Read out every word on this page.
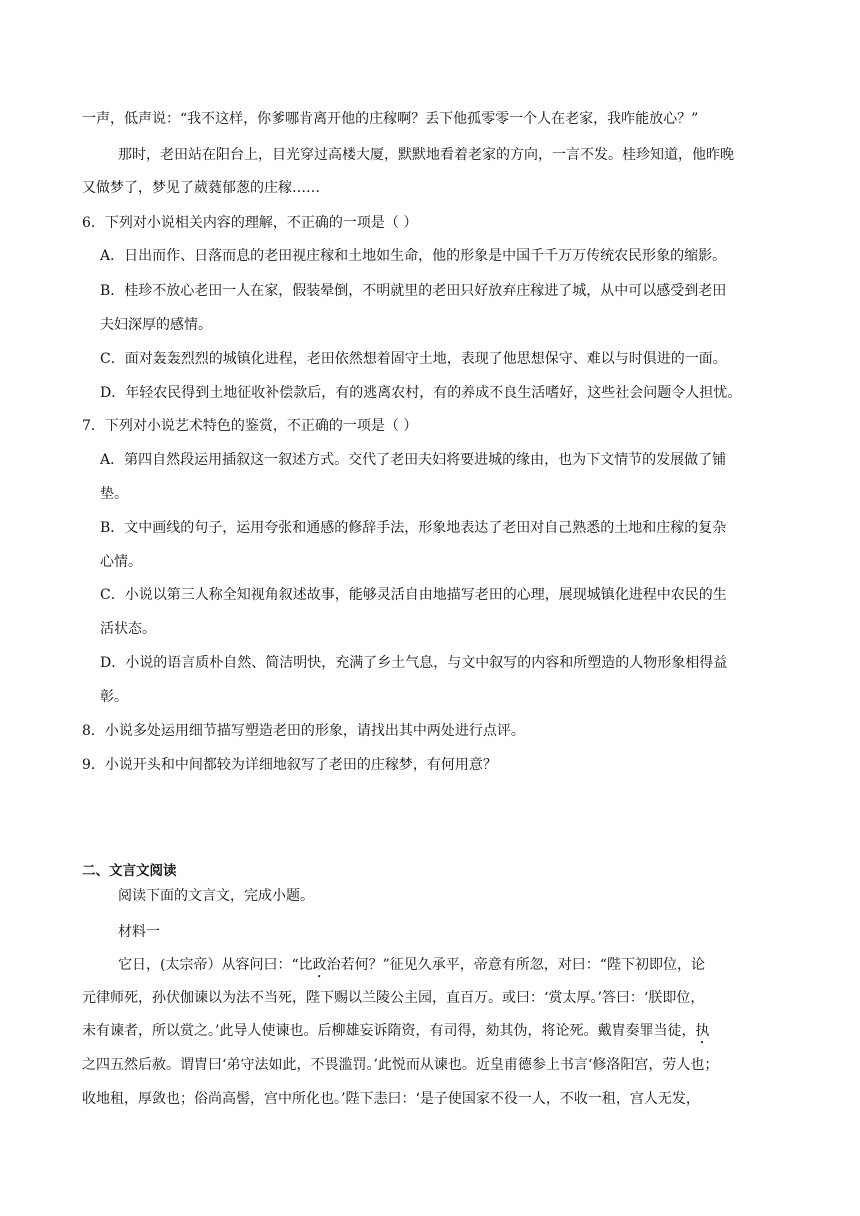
一声，低声说：“我不这样，你爹哪肯离开他的庄稼啊？丢下他孤零零一个人在老家，我咋能放心？”
那时，老田站在阳台上，目光穿过高楼大厦，默默地看着老家的方向，一言不发。桂珍知道，他昨晚
又做梦了，梦见了葳蕤郁葱的庄稼……
6．下列对小说相关内容的理解，不正确的一项是（ ）
A．日出而作、日落而息的老田视庄稼和土地如生命，他的形象是中国千千万万传统农民形象的缩影。
B．桂珍不放心老田一人在家，假装晕倒，不明就里的老田只好放弃庄稼进了城，从中可以感受到老田
夫妇深厚的感情。
C．面对轰轰烈烈的城镇化进程，老田依然想着固守土地，表现了他思想保守、难以与时俱进的一面。
D．年轻农民得到土地征收补偿款后，有的逃离农村，有的养成不良生活嗜好，这些社会问题令人担忧。
7．下列对小说艺术特色的鉴赏，不正确的一项是（ ）
A．第四自然段运用插叙这一叙述方式。交代了老田夫妇将要进城的缘由，也为下文情节的发展做了铺
垫。
B．文中画线的句子，运用夸张和通感的修辞手法，形象地表达了老田对自己熟悉的土地和庄稼的复杂
心情。
C．小说以第三人称全知视角叙述故事，能够灵活自由地描写老田的心理，展现城镇化进程中农民的生
活状态。
D．小说的语言质朴自然、简洁明快，充满了乡土气息，与文中叙写的内容和所塑造的人物形象相得益
彰。
8．小说多处运用细节描写塑造老田的形象，请找出其中两处进行点评。
9．小说开头和中间都较为详细地叙写了老田的庄稼梦，有何用意？
二、文言文阅读
阅读下面的文言文，完成小题。
材料一
它日，(太宗帝）从容问曰：“比政治若何？”征见久承平，帝意有所忽，对曰：“陛下初即位，论
元律师死，孙伏伽谏以为法不当死，陛下赐以兰陵公主园，直百万。或曰：‘赏太厚。’答曰：‘朕即位，
未有谏者，所以赏之。’此导人使谏也。后柳雄妄诉隋资，有司得，劾其伪，将论死。戴胄奏罪当徒，执
之四五然后赦。谓胄曰‘弟守法如此，不畏滥罚。’此悦而从谏也。近皇甫德参上书言‘修洛阳宫，劳人也；
收地租，厚敛也；俗尚高髻，宫中所化也。’陛下恚曰：‘是子使国家不役一人，不收一租，宫人无发，
